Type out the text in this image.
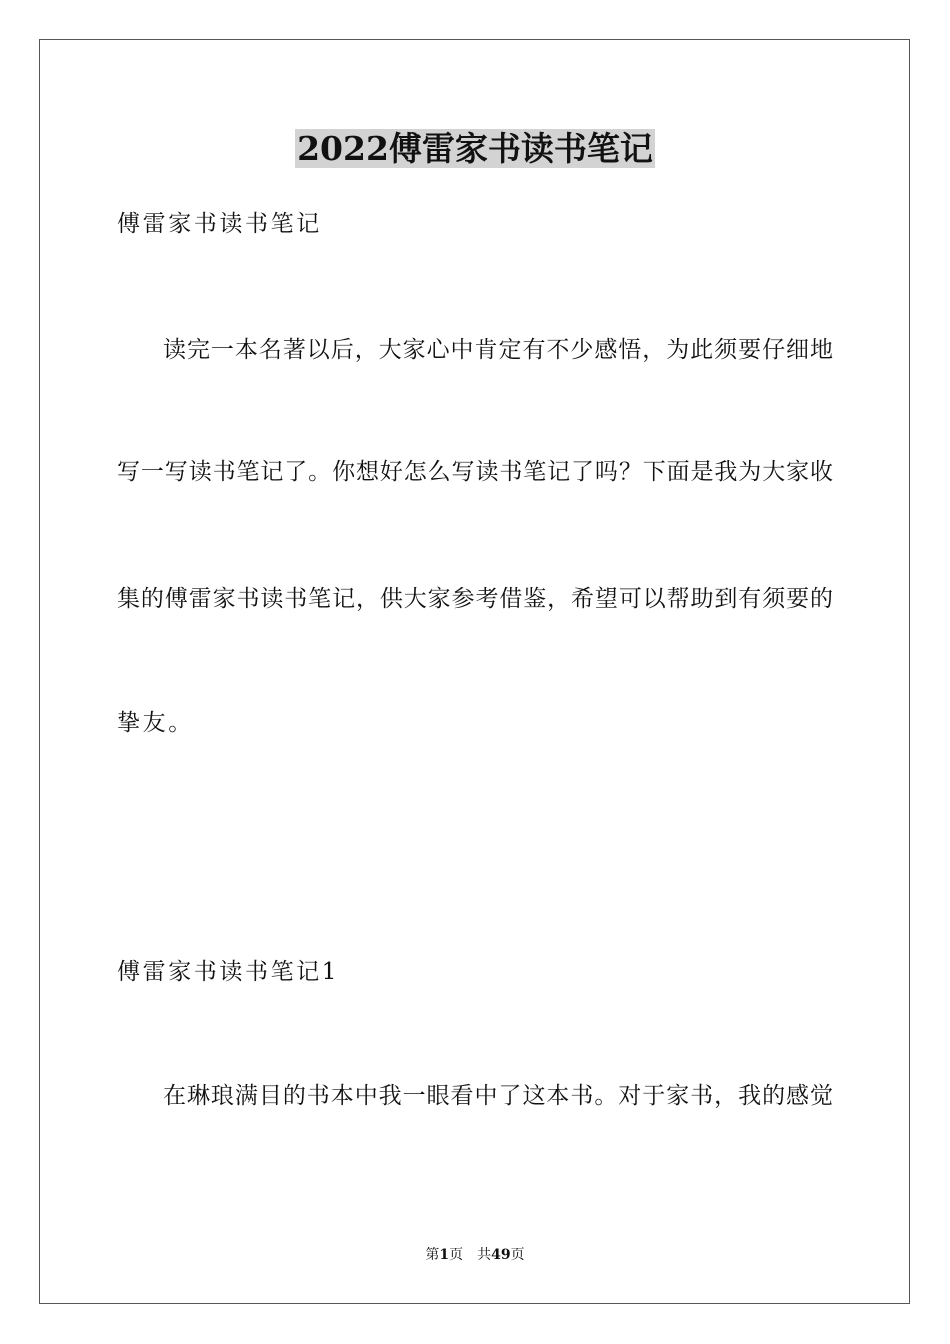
2022傅雷家书读书笔记
傅雷家书读书笔记
读完一本名著以后，大家心中肯定有不少感悟，为此须要仔细地
写一写读书笔记了。你想好怎么写读书笔记了吗？下面是我为大家收
集的傅雷家书读书笔记，供大家参考借鉴，希望可以帮助到有须要的
挚友。
傅雷家书读书笔记1
在琳琅满目的书本中我一眼看中了这本书。对于家书，我的感觉
第1页 共49页
